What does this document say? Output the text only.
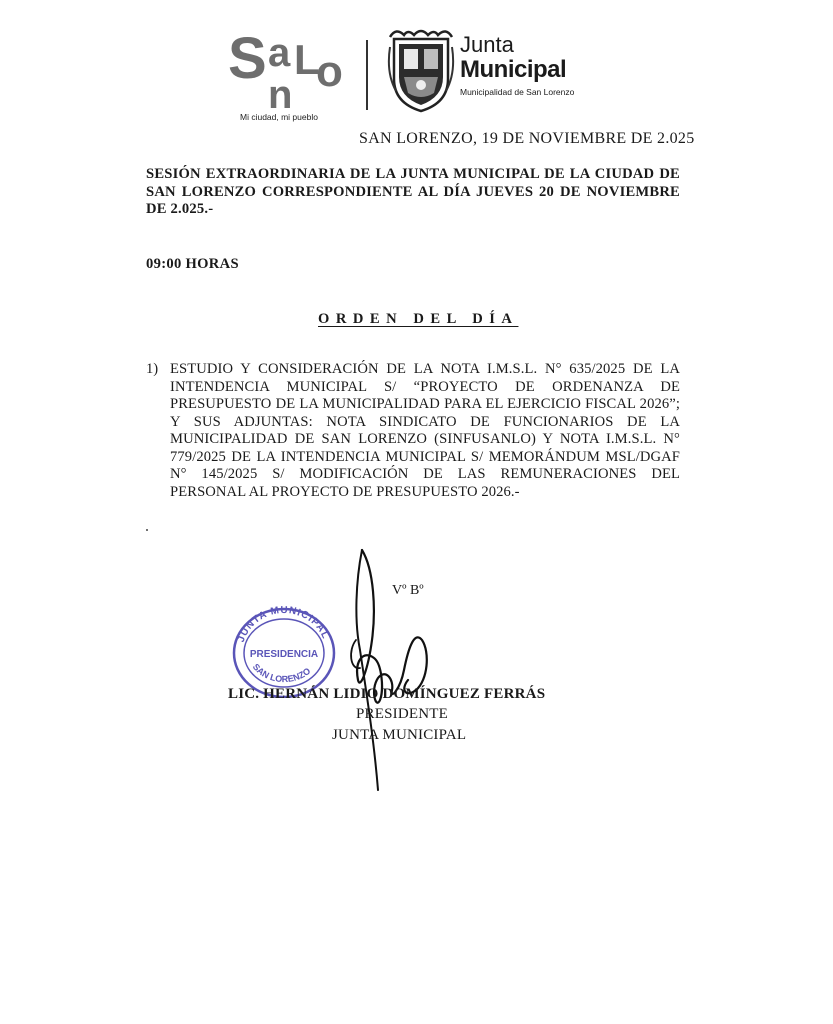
S a
n
L
o
Mi ciudad, mi pueblo
Junta
Municipal
Municipalidad de San Lorenzo
SAN LORENZO, 19 DE NOVIEMBRE DE 2.025
SESIÓN EXTRAORDINARIA DE LA JUNTA MUNICIPAL DE LA CIUDAD DE SAN LORENZO CORRESPONDIENTE AL DÍA JUEVES 20 DE NOVIEMBRE DE 2.025.-
09:00 HORAS
ORDEN DEL DÍA
1) ESTUDIO Y CONSIDERACIÓN DE LA NOTA I.M.S.L. N° 635/2025 DE LA INTENDENCIA MUNICIPAL S/ “PROYECTO DE ORDENANZA DE PRESUPUESTO DE LA MUNICIPALIDAD PARA EL EJERCICIO FISCAL 2026”; Y SUS ADJUNTAS: NOTA SINDICATO DE FUNCIONARIOS DE LA MUNICIPALIDAD DE SAN LORENZO (SINFUSANLO) Y NOTA I.M.S.L. N° 779/2025 DE LA INTENDENCIA MUNICIPAL S/ MEMORÁNDUM MSL/DGAF N° 145/2025 S/ MODIFICACIÓN DE LAS REMUNERACIONES DEL PERSONAL AL PROYECTO DE PRESUPUESTO 2026.-
Vº Bº
JUNTA MUNICIPAL
PRESIDENCIA
SAN LORENZO
LIC. HERNÁN LIDIO DOMÍNGUEZ FERRÁS
PRESIDENTE
JUNTA MUNICIPAL
